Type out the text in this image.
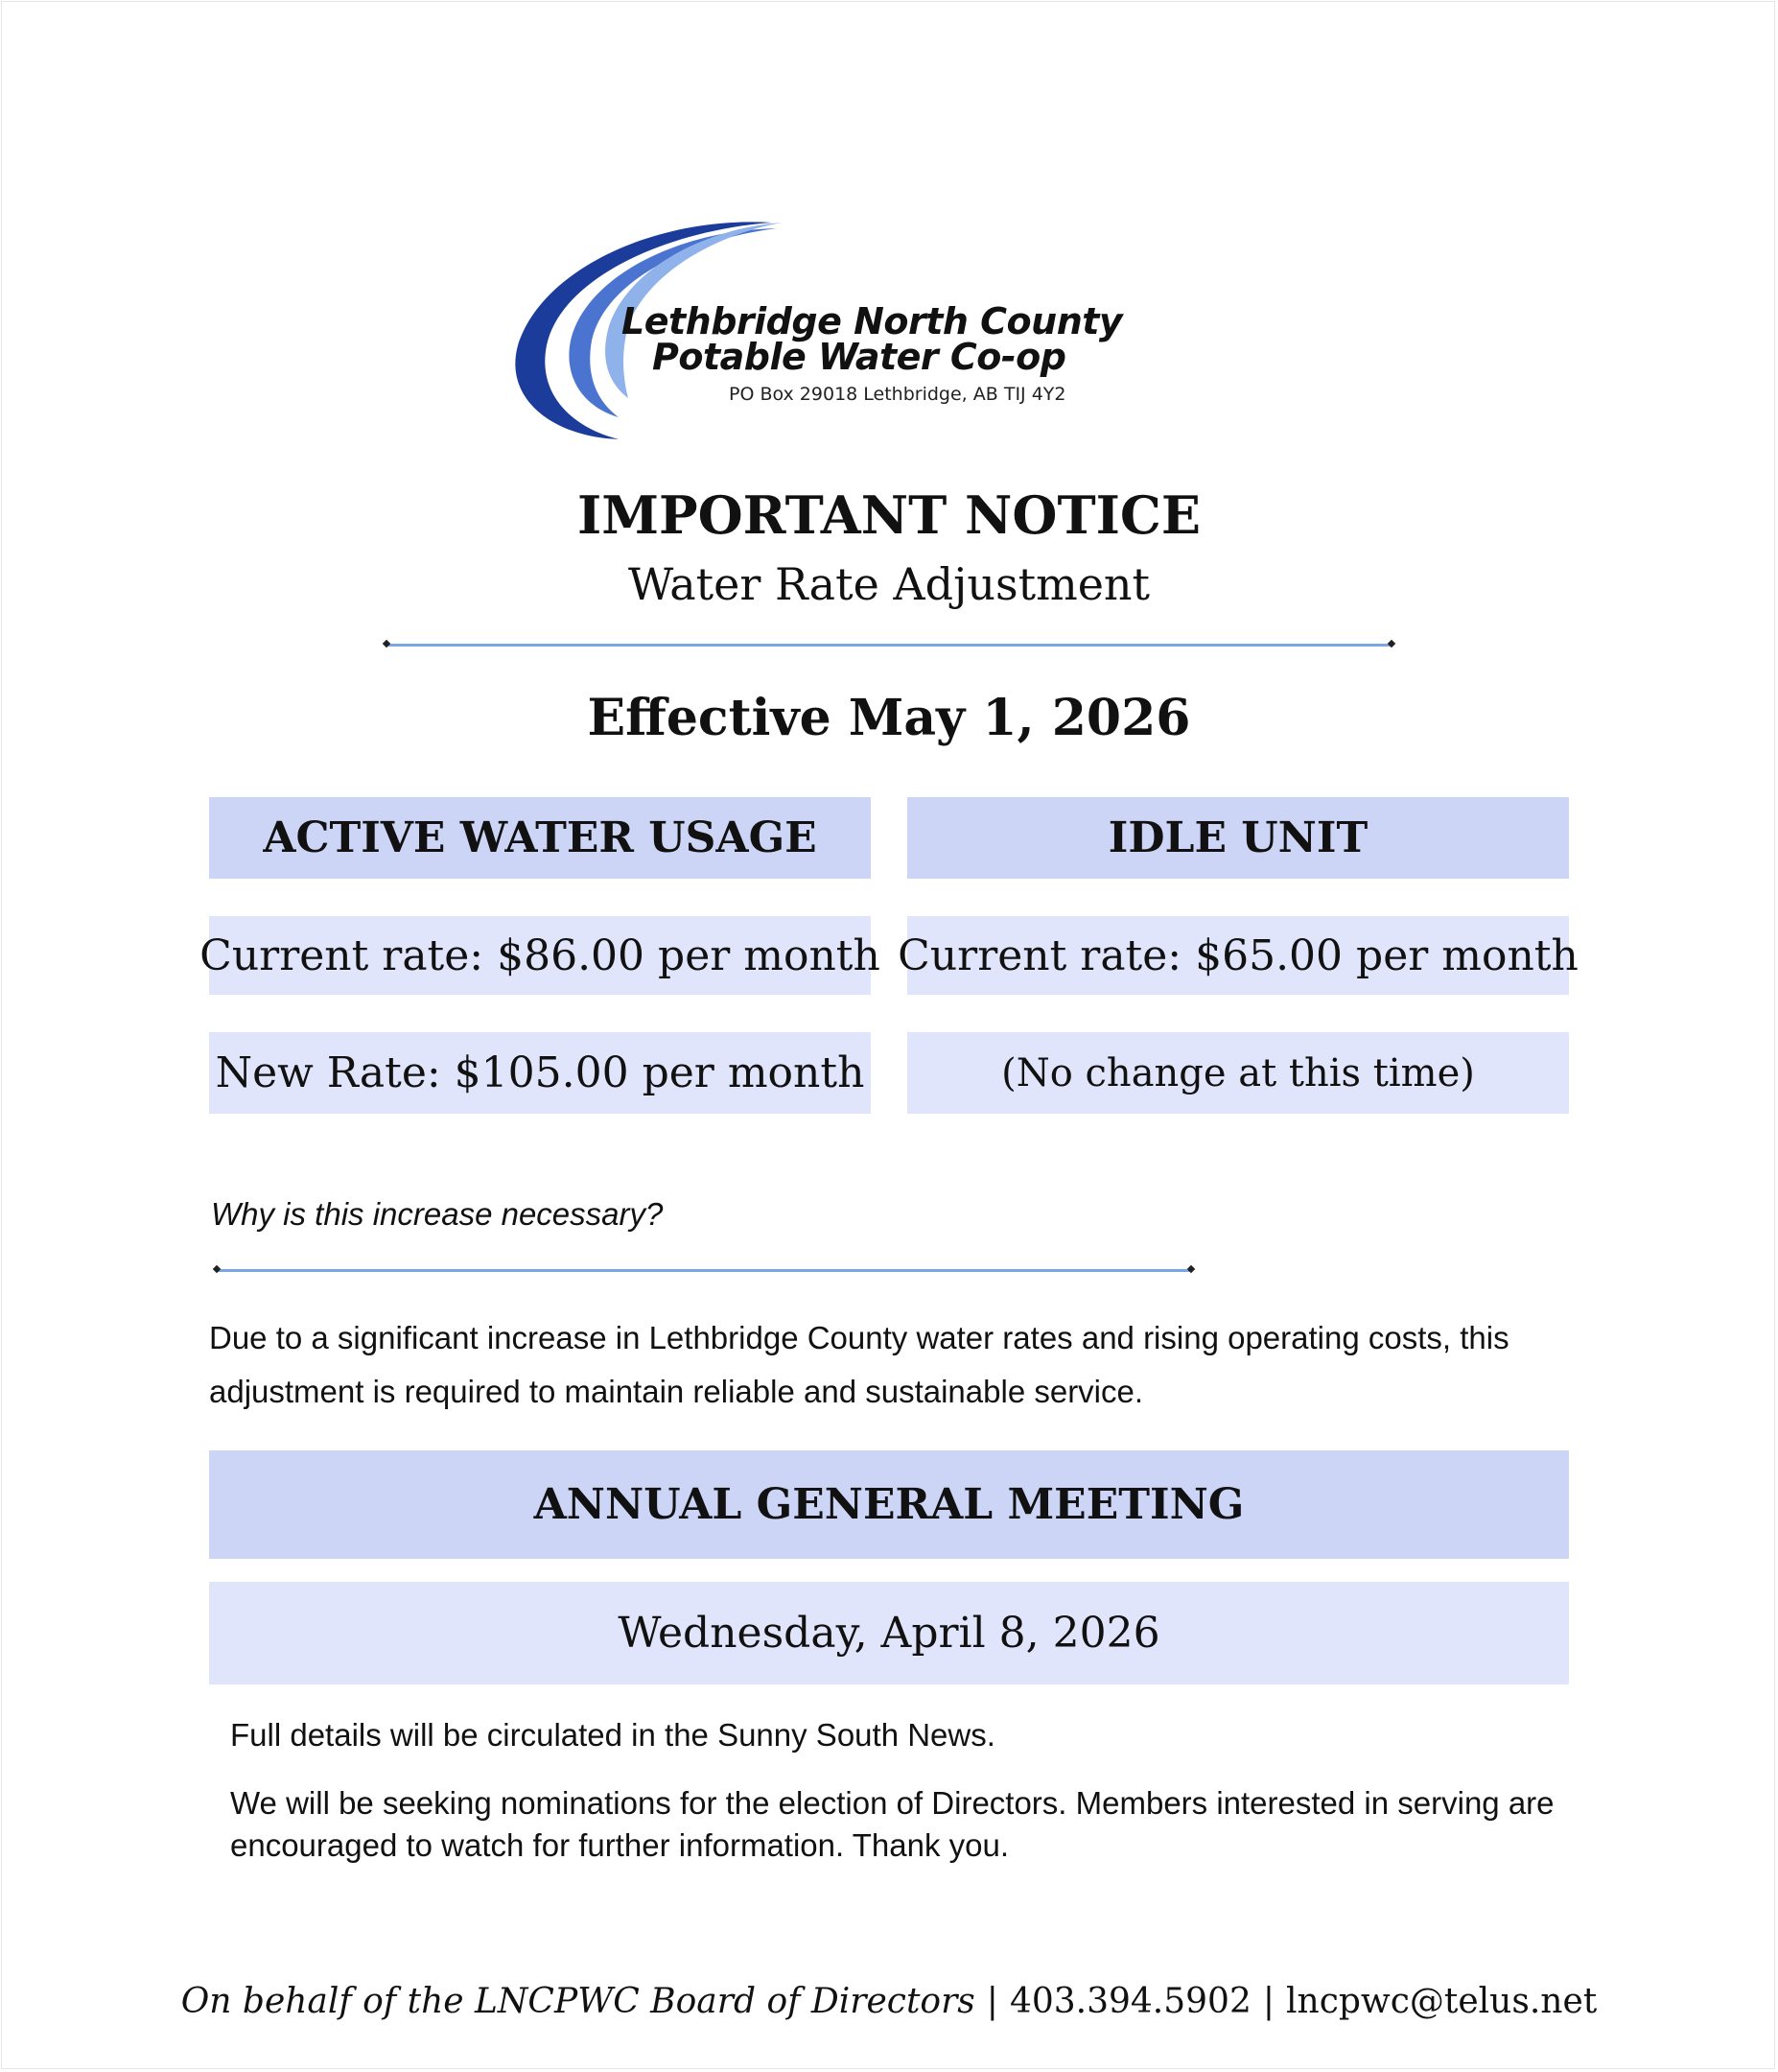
Lethbridge North County
Potable Water Co-op
PO Box 29018 Lethbridge, AB TIJ 4Y2
IMPORTANT NOTICE
Water Rate Adjustment
Effective May 1, 2026
ACTIVE WATER USAGE	IDLE UNIT
Current rate: $86.00 per month Current rate: $65.00 per month
New Rate: $105.00 per month	(No change at this time)
Why is this increase necessary?
Due to a significant increase in Lethbridge County water rates and rising operating costs, this adjustment is required to maintain reliable and sustainable service.
ANNUAL GENERAL MEETING
Wednesday, April 8, 2026
Full details will be circulated in the Sunny South News.
We will be seeking nominations for the election of Directors. Members interested in serving are encouraged to watch for further information. Thank you.
On behalf of the LNCPWC Board of Directors | 403.394.5902 | lncpwc@telus.net
